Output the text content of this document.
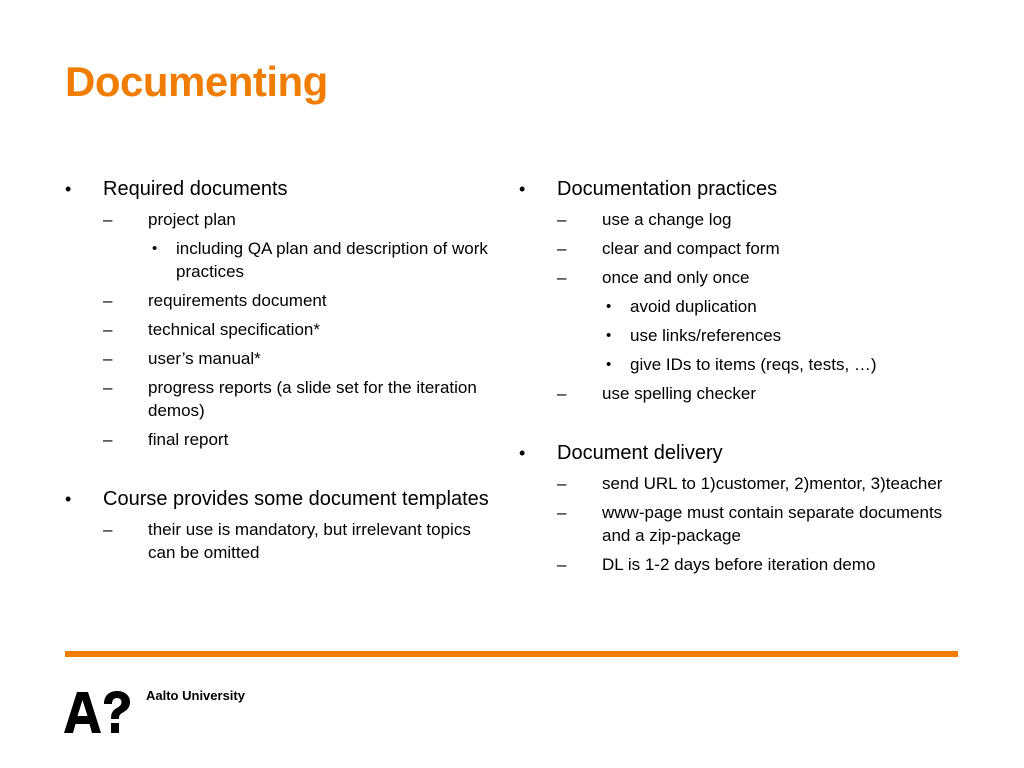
Documenting
• Required documents
– project plan
• including QA plan and description of work practices
– requirements document
– technical specification*
– user’s manual*
– progress reports (a slide set for the iteration demos)
– final report
• Course provides some document templates
– their use is mandatory, but irrelevant topics can be omitted
• Documentation practices
– use a change log
– clear and compact form
– once and only once
• avoid duplication
• use links/references
• give IDs to items (reqs, tests, …)
– use spelling checker
• Document delivery
– send URL to 1)customer, 2)mentor, 3)teacher
– www-page must contain separate documents and a zip-package
– DL is 1-2 days before iteration demo
Aalto University
